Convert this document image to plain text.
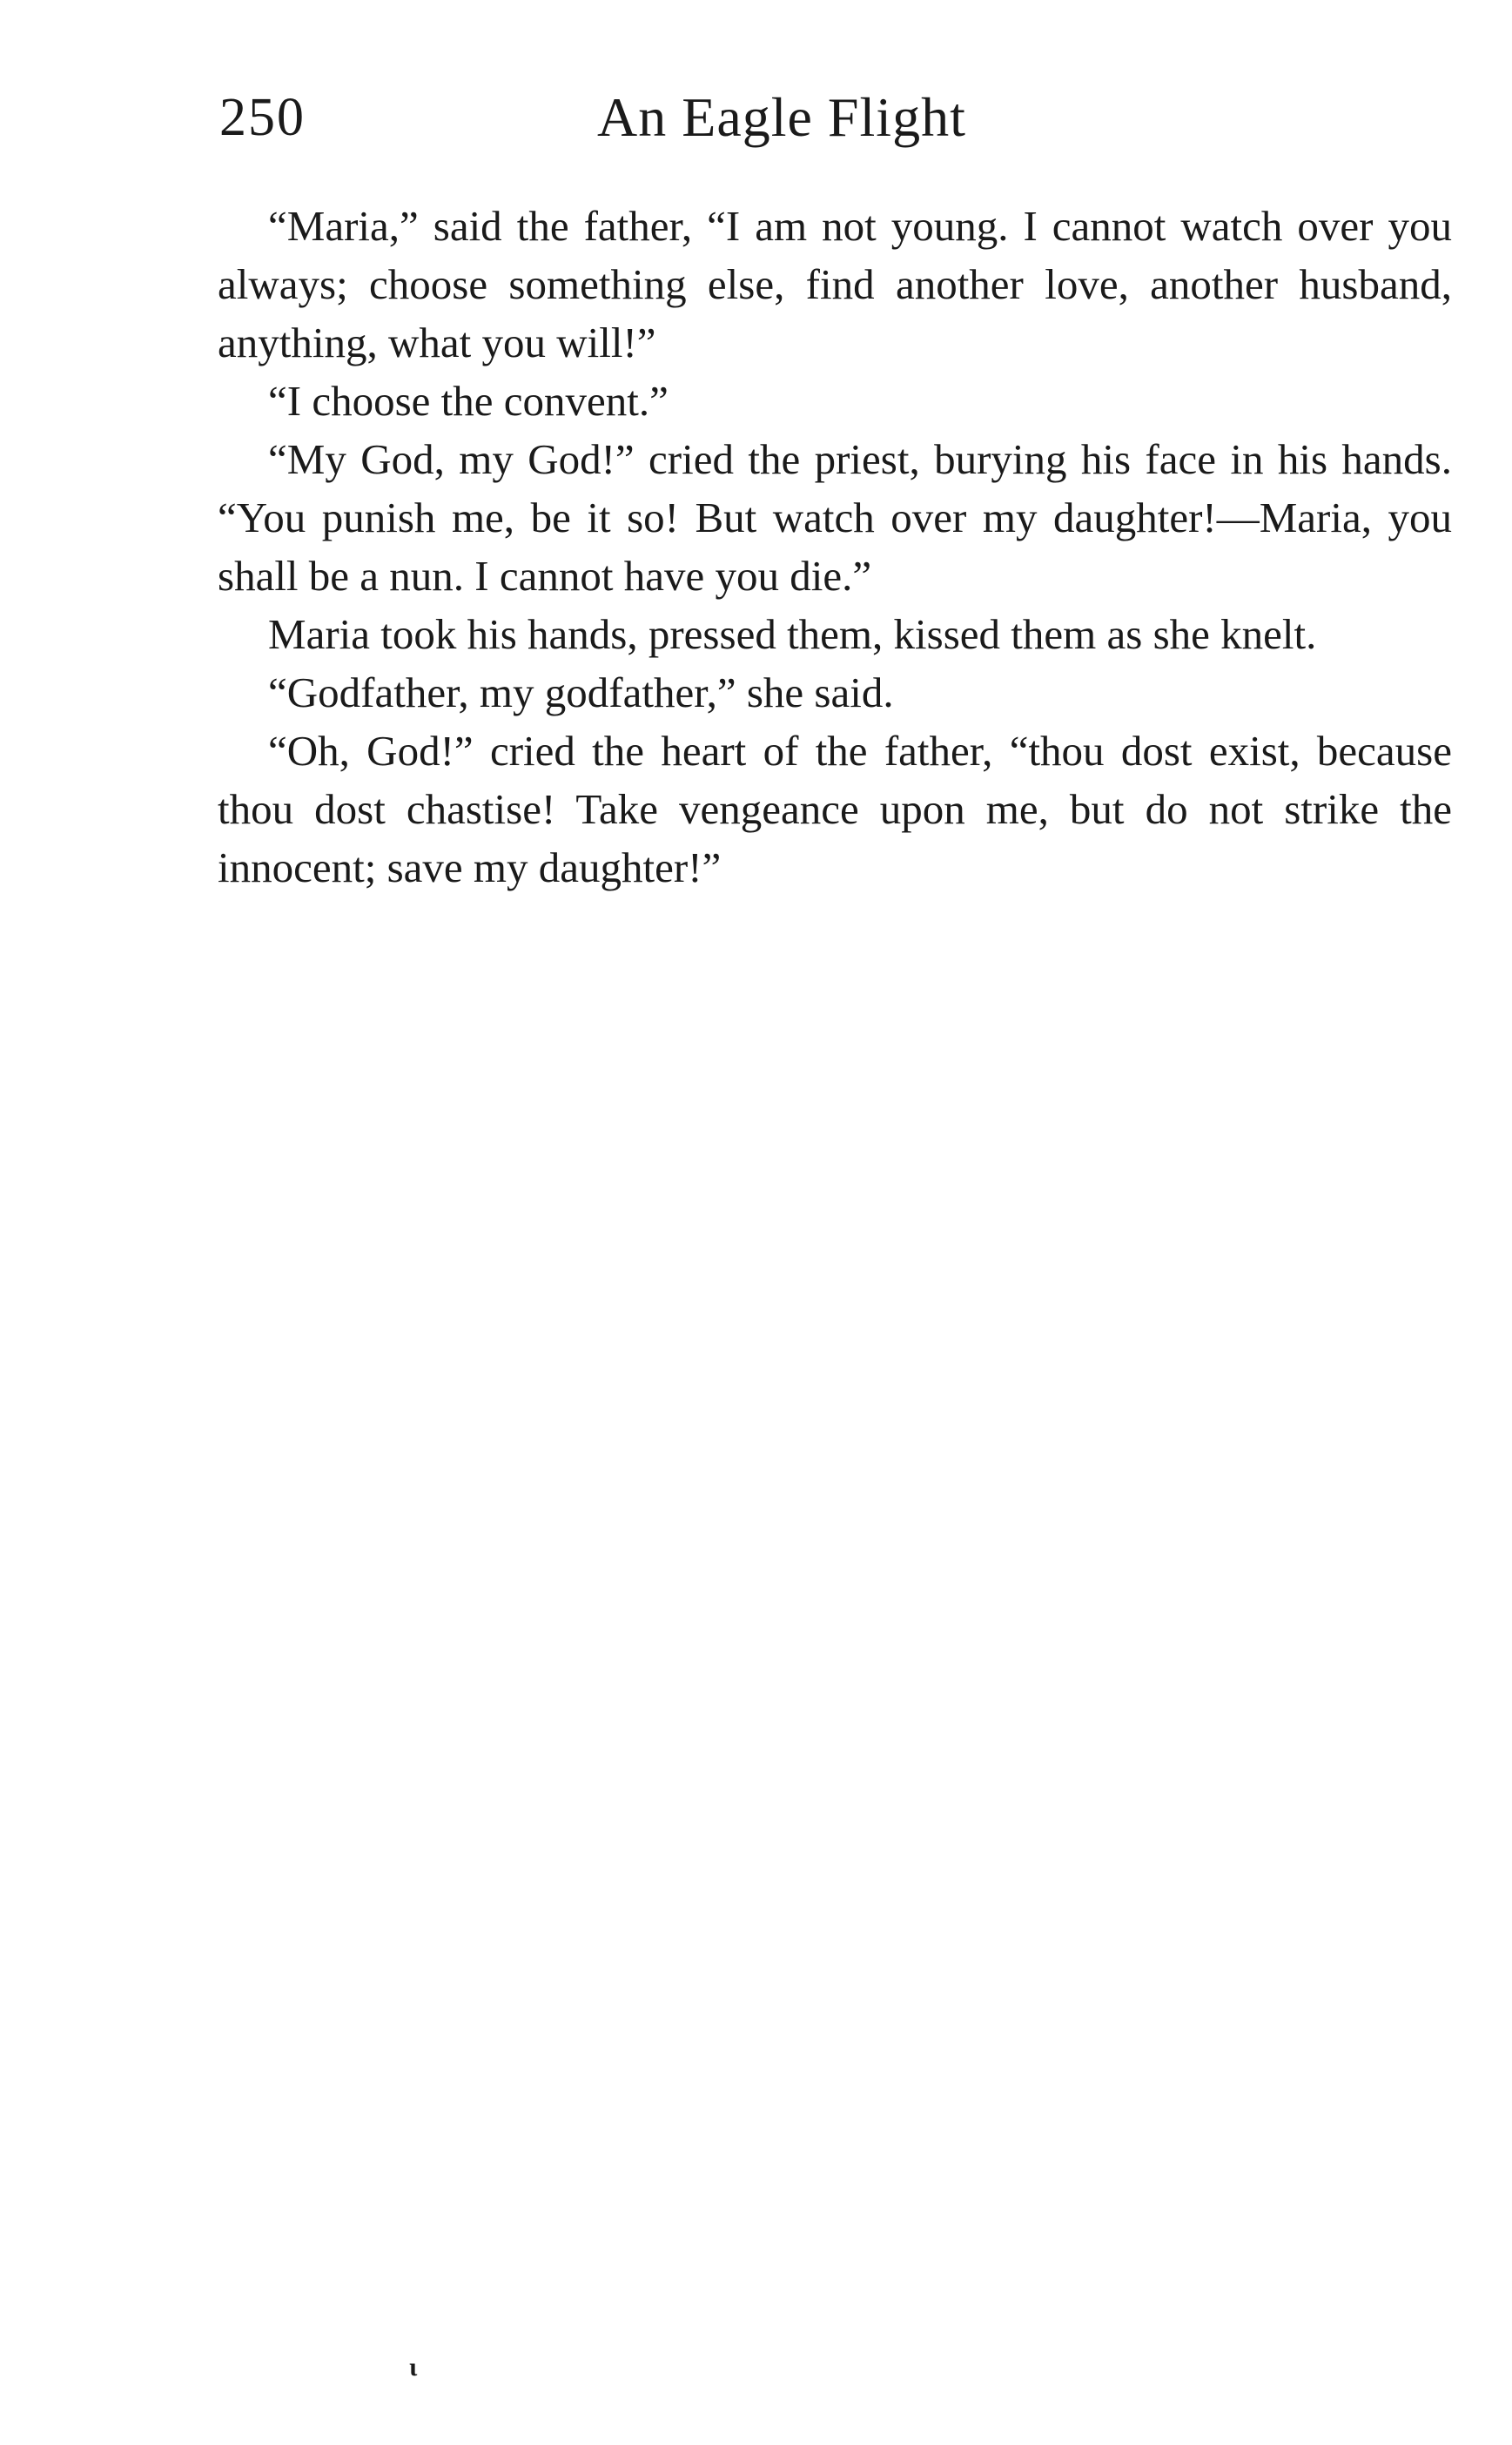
250	An Eagle Flight

“Maria,” said the father, “I am not young. I cannot watch over you always; choose something else, find another love, another husband, anything, what you will!”

“I choose the convent.”

“My God, my God!” cried the priest, burying his face in his hands. “You punish me, be it so! But watch over my daughter!—Maria, you shall be a nun. I cannot have you die.”

Maria took his hands, pressed them, kissed them as she knelt.

“Godfather, my godfather,” she said.

“Oh, God!” cried the heart of the father, “thou dost exist, because thou dost chastise! Take vengeance upon me, but do not strike the innocent; save my daughter!”

ι
